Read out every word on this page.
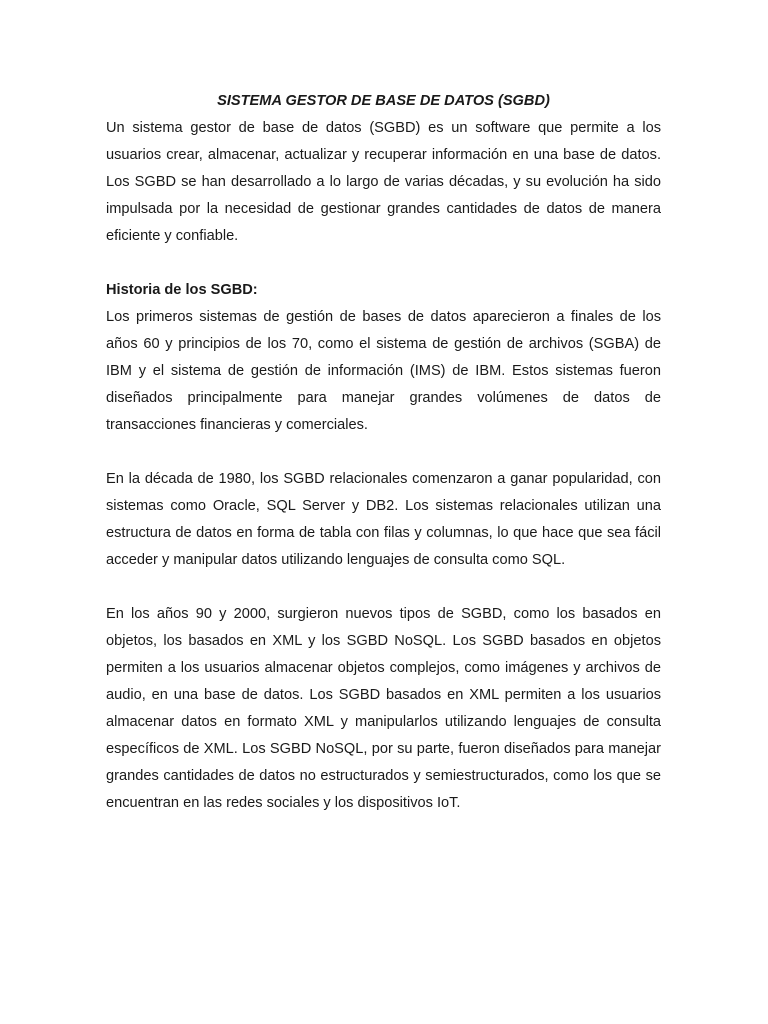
SISTEMA GESTOR DE BASE DE DATOS (SGBD)

Un sistema gestor de base de datos (SGBD) es un software que permite a los usuarios crear, almacenar, actualizar y recuperar información en una base de datos. Los SGBD se han desarrollado a lo largo de varias décadas, y su evolución ha sido impulsada por la necesidad de gestionar grandes cantidades de datos de manera eficiente y confiable.

Historia de los SGBD:

Los primeros sistemas de gestión de bases de datos aparecieron a finales de los años 60 y principios de los 70, como el sistema de gestión de archivos (SGBA) de IBM y el sistema de gestión de información (IMS) de IBM. Estos sistemas fueron diseñados principalmente para manejar grandes volúmenes de datos de transacciones financieras y comerciales.

En la década de 1980, los SGBD relacionales comenzaron a ganar popularidad, con sistemas como Oracle, SQL Server y DB2. Los sistemas relacionales utilizan una estructura de datos en forma de tabla con filas y columnas, lo que hace que sea fácil acceder y manipular datos utilizando lenguajes de consulta como SQL.

En los años 90 y 2000, surgieron nuevos tipos de SGBD, como los basados en objetos, los basados en XML y los SGBD NoSQL. Los SGBD basados en objetos permiten a los usuarios almacenar objetos complejos, como imágenes y archivos de audio, en una base de datos. Los SGBD basados en XML permiten a los usuarios almacenar datos en formato XML y manipularlos utilizando lenguajes de consulta específicos de XML. Los SGBD NoSQL, por su parte, fueron diseñados para manejar grandes cantidades de datos no estructurados y semiestructurados, como los que se encuentran en las redes sociales y los dispositivos IoT.
